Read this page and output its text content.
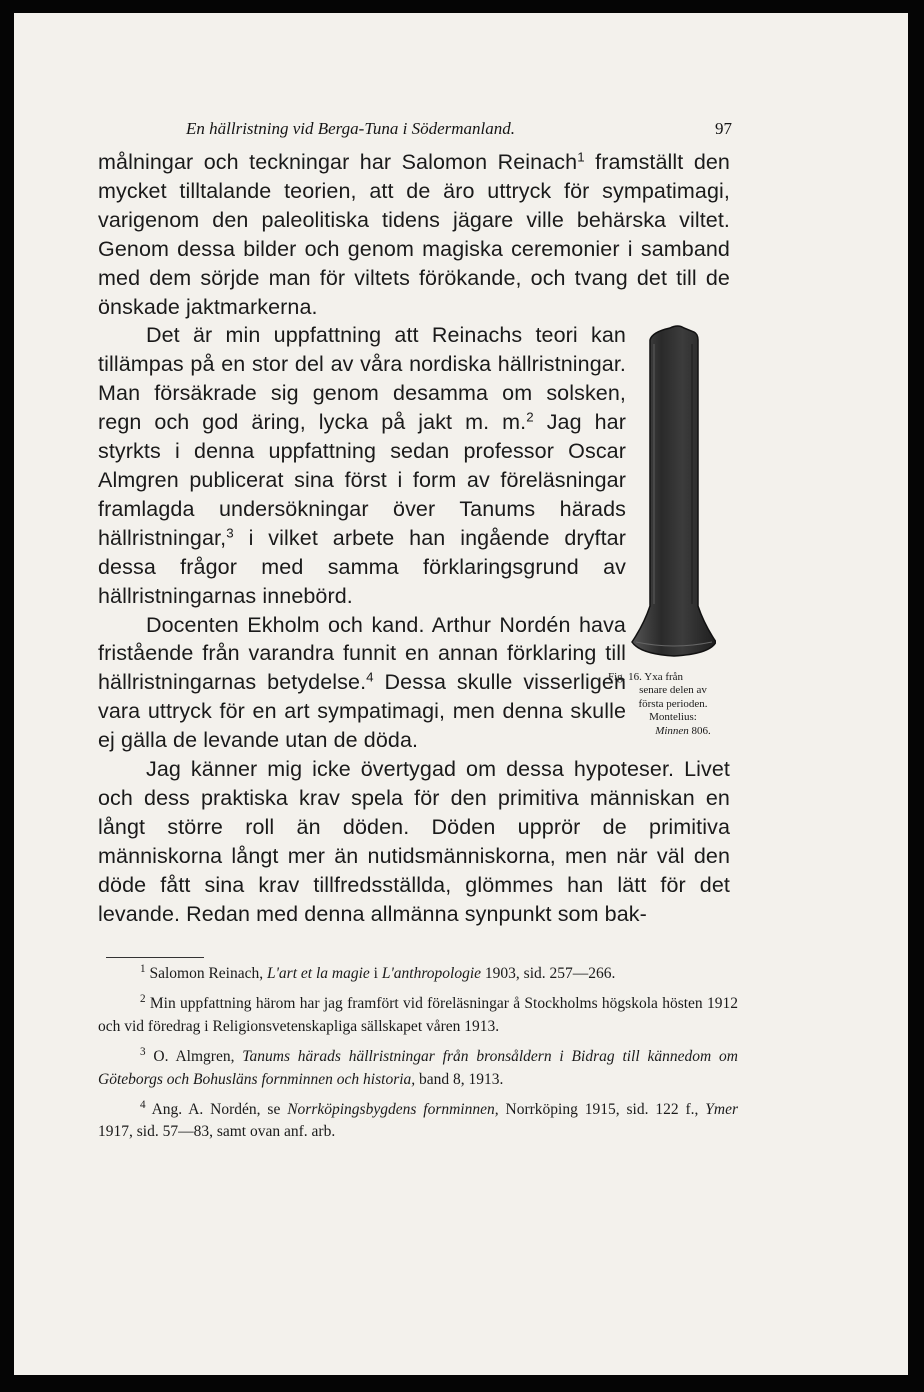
En hällristning vid Berga-Tuna i Södermanland.	97

målningar och teckningar har Salomon Reinach$^1$ framställt den mycket tilltalande teorien, att de äro uttryck för sympatimagi, varigenom den paleolitiska tidens jägare ville behärska viltet. Genom dessa bilder och genom magiska ceremonier i samband med dem sörjde man för viltets förökande, och tvang det till de önskade jaktmarkerna.

Det är min uppfattning att Reinachs teori kan tillämpas på en stor del av våra nordiska hällristningar. Man försäkrade sig genom desamma om solsken, regn och god äring, lycka på jakt m. m.$^2$ Jag har styrkts i denna uppfattning sedan professor Oscar Almgren publicerat sina först i form av föreläsningar framlagda undersökningar över Tanums härads hällristningar,$^3$ i vilket arbete han ingående dryftar dessa frågor med samma förklaringsgrund av hällristningarnas innebörd.

Docenten Ekholm och kand. Arthur Nordén hava fristående från varandra funnit en annan förklaring till hällristningarnas betydelse.$^4$ Dessa skulle visserligen vara uttryck för en art sympatimagi, men denna skulle ej gälla de levande utan de döda.

Jag känner mig icke övertygad om dessa hypoteser. Livet och dess praktiska krav spela för den primitiva människan en långt större roll än döden. Döden upprör de primitiva människorna långt mer än nutidsmänniskorna, men när väl den döde fått sina krav tillfredsställda, glömmes han lätt för det levande. Redan med denna allmänna synpunkt som bak-

Fig. 16. Yxa från
senare delen av
första perioden.
Montelius:
Minnen 806.

$^1$ Salomon Reinach, L'art et la magie i L'anthropologie 1903, sid. 257—266.

$^2$ Min uppfattning härom har jag framfört vid föreläsningar å Stockholms högskola hösten 1912 och vid föredrag i Religionsvetenskapliga sällskapet våren 1913.

$^3$ O. Almgren, Tanums härads hällristningar från bronsåldern i Bidrag till kännedom om Göteborgs och Bohusläns fornminnen och historia, band 8, 1913.

$^4$ Ang. A. Nordén, se Norrköpingsbygdens fornminnen, Norrköping 1915, sid. 122 f., Ymer 1917, sid. 57—83, samt ovan anf. arb.
